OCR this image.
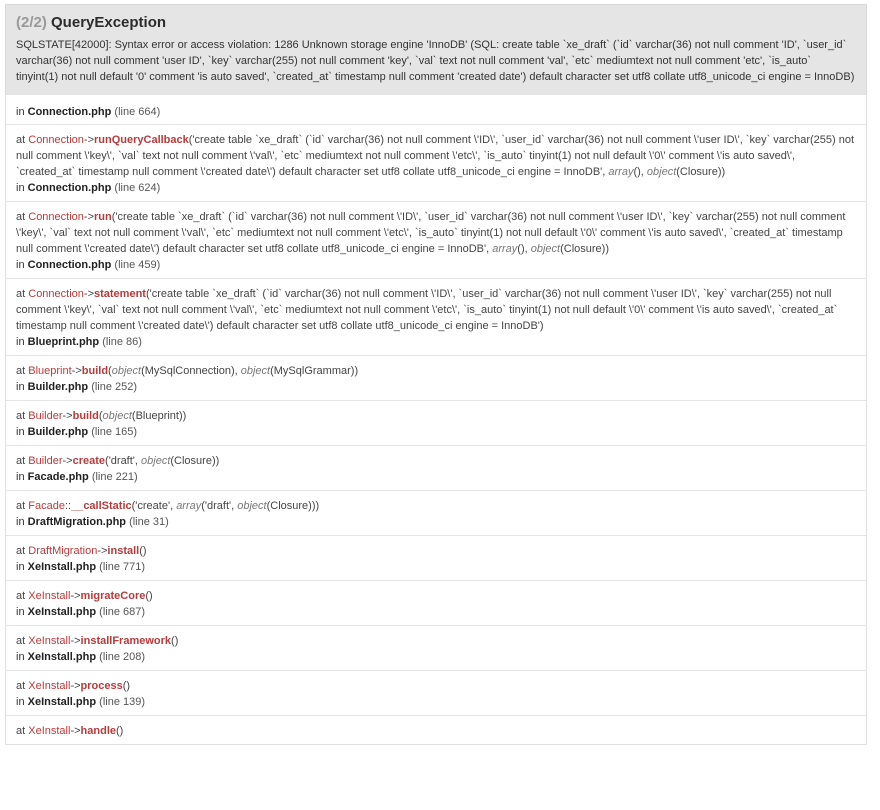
(2/2) QueryException
SQLSTATE[42000]: Syntax error or access violation: 1286 Unknown storage engine 'InnoDB' (SQL: create table `xe_draft` (`id` varchar(36) not null comment 'ID', `user_id` varchar(36) not null comment 'user ID', `key` varchar(255) not null comment 'key', `val` text not null comment 'val', `etc` mediumtext not null comment 'etc', `is_auto` tinyint(1) not null default '0' comment 'is auto saved', `created_at` timestamp null comment 'created date') default character set utf8 collate utf8_unicode_ci engine = InnoDB)
in Connection.php (line 664)
at Connection->runQueryCallback('create table `xe_draft` (`id` varchar(36) not null comment \'ID\', `user_id` varchar(36) not null comment \'user ID\', `key` varchar(255) not null comment \'key\', `val` text not null comment \'val\', `etc` mediumtext not null comment \'etc\', `is_auto` tinyint(1) not null default \'0\' comment \'is auto saved\', `created_at` timestamp null comment \'created date\') default character set utf8 collate utf8_unicode_ci engine = InnoDB', array(), object(Closure))
in Connection.php (line 624)
at Connection->run('create table `xe_draft` (`id` varchar(36) not null comment \'ID\', `user_id` varchar(36) not null comment \'user ID\', `key` varchar(255) not null comment \'key\', `val` text not null comment \'val\', `etc` mediumtext not null comment \'etc\', `is_auto` tinyint(1) not null default \'0\' comment \'is auto saved\', `created_at` timestamp null comment \'created date\') default character set utf8 collate utf8_unicode_ci engine = InnoDB', array(), object(Closure))
in Connection.php (line 459)
at Connection->statement('create table `xe_draft` (`id` varchar(36) not null comment \'ID\', `user_id` varchar(36) not null comment \'user ID\', `key` varchar(255) not null comment \'key\', `val` text not null comment \'val\', `etc` mediumtext not null comment \'etc\', `is_auto` tinyint(1) not null default \'0\' comment \'is auto saved\', `created_at` timestamp null comment \'created date\') default character set utf8 collate utf8_unicode_ci engine = InnoDB')
in Blueprint.php (line 86)
at Blueprint->build(object(MySqlConnection), object(MySqlGrammar))
in Builder.php (line 252)
at Builder->build(object(Blueprint))
in Builder.php (line 165)
at Builder->create('draft', object(Closure))
in Facade.php (line 221)
at Facade::__callStatic('create', array('draft', object(Closure)))
in DraftMigration.php (line 31)
at DraftMigration->install()
in XeInstall.php (line 771)
at XeInstall->migrateCore()
in XeInstall.php (line 687)
at XeInstall->installFramework()
in XeInstall.php (line 208)
at XeInstall->process()
in XeInstall.php (line 139)
at XeInstall->handle()
